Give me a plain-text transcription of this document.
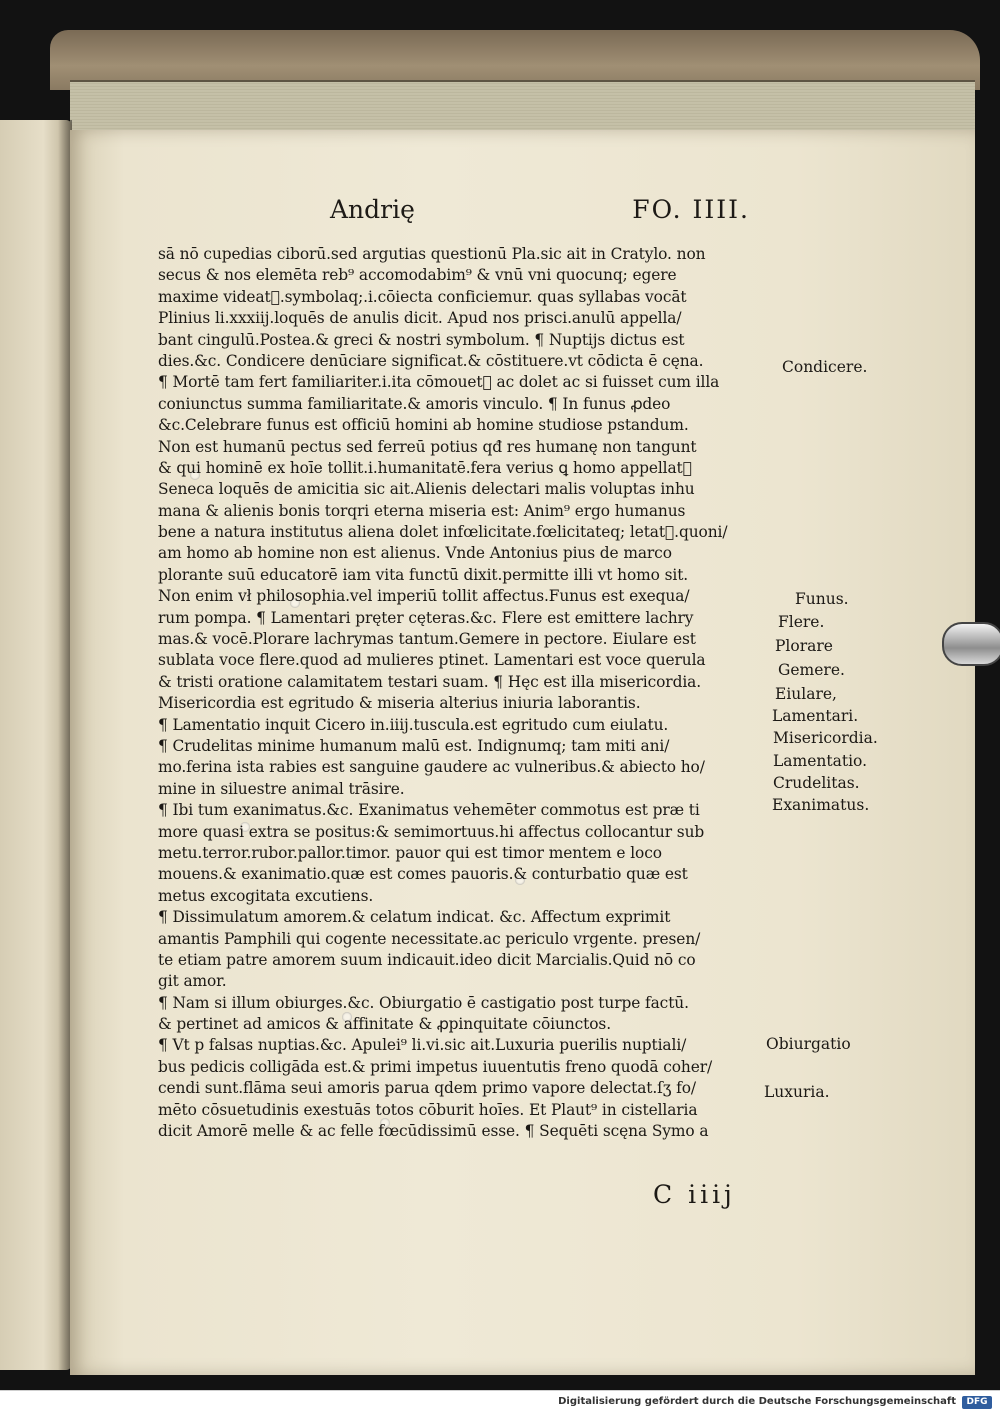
Andrię	FO. IIII.
sā nō cupedias ciborū.sed argutias questionū Pla.sic ait in Cratylo. non
secus & nos elemēta reb⁹ accomodabim⁹ & vnū vni quocunq; egere
maxime videatᷓ.symbolaq;.i.cōiecta conficiemur. quas syllabas vocāt
Plinius li.xxxiij.loquēs de anulis dicit. Apud nos prisci.anulū appella/
bant cingulū.Postea.& greci & nostri symbolum. ¶ Nuptijs dictus est
dies.&c. Condicere denūciare significat.& cōstituere.vt cōdicta ē cęna.
¶ Mortē tam fert familiariter.i.ita cōmouetᷓ ac dolet ac si fuisset cum illa
coniunctus summa familiaritate.& amoris vinculo. ¶ In funus ꝓdeo
&c.Celebrare funus est officiū homini ab homine studiose pstandum.
Non est humanū pectus sed ferreū potius qđ res humanę non tangunt
& qui hominē ex hoīe tollit.i.humanitatē.fera verius ꝗ homo appellatᷓ
Seneca loquēs de amicitia sic ait.Alienis delectari malis voluptas inhu
mana & alienis bonis torqri eterna miseria est: Anim⁹ ergo humanus
bene a natura institutus aliena dolet infœlicitate.fœlicitateq; letatᷓ.quoni/
am homo ab homine non est alienus. Vnde Antonius pius de marco
plorante suū educatorē iam vita functū dixit.permitte illi vt homo sit.
Non enim vł philosophia.vel imperiū tollit affectus.Funus est exequa/
rum pompa. ¶ Lamentari pręter cęteras.&c. Flere est emittere lachry
mas.& vocē.Plorare lachrymas tantum.Gemere in pectore. Eiulare est
sublata voce flere.quod ad mulieres ptinet. Lamentari est voce querula
& tristi oratione calamitatem testari suam. ¶ Hęc est illa misericordia.
Misericordia est egritudo & miseria alterius iniuria laborantis.
¶ Lamentatio inquit Cicero in.iiij.tuscula.est egritudo cum eiulatu.
¶ Crudelitas minime humanum malū est. Indignumq; tam miti ani/
mo.ferina ista rabies est sanguine gaudere ac vulneribus.& abiecto ho/
mine in siluestre animal trāsire.
¶ Ibi tum exanimatus.&c. Exanimatus vehemēter commotus est præ ti
more quasi extra se positus:& semimortuus.hi affectus collocantur sub
metu.terror.rubor.pallor.timor. pauor qui est timor mentem e loco
mouens.& exanimatio.quæ est comes pauoris.& conturbatio quæ est
metus excogitata excutiens.
¶ Dissimulatum amorem.& celatum indicat. &c. Affectum exprimit
amantis Pamphili qui cogente necessitate.ac periculo vrgente. presen/
te etiam patre amorem suum indicauit.ideo dicit Marcialis.Quid nō co
git amor.
¶ Nam si illum obiurges.&c. Obiurgatio ē castigatio post turpe factū.
& pertinet ad amicos & affinitate & ꝓpinquitate cōiunctos.
¶ Vt p falsas nuptias.&c. Apulei⁹ li.vi.sic ait.Luxuria puerilis nuptiali/
bus pedicis colligāda est.& primi impetus iuuentutis freno quodā coher/
cendi sunt.flāma seui amoris parua qdem primo vapore delectat.ſʒ fo/
mēto cōsuetudinis exestuās totos cōburit hoīes. Et Plaut⁹ in cistellaria
dicit Amorē melle & ac felle fœcūdissimū esse. ¶ Sequēti scęna Symo a
Condicere.
Funus.
Flere.
Plorare
Gemere.
Eiulare,
Lamentari.
Misericordia.
Lamentatio.
Crudelitas.
Exanimatus.
Obiurgatio
Luxuria.
C iiij
Digitalisierung gefördert durch die Deutsche Forschungsgemeinschaft	DFG
